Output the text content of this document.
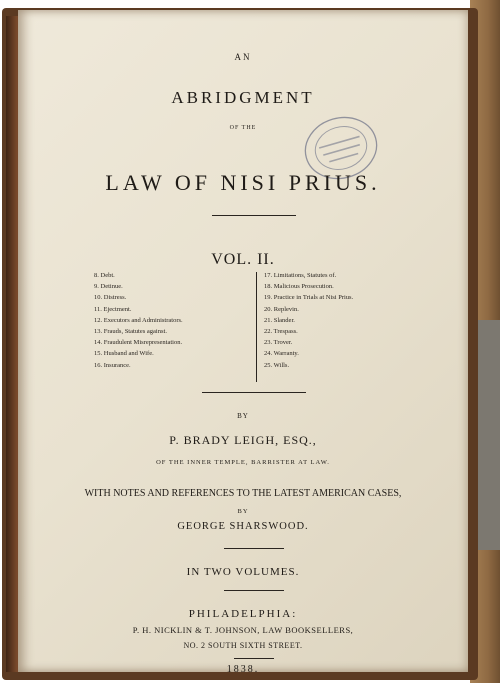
AN
ABRIDGMENT
OF THE
LAW OF NISI PRIUS.
VOL. II.
8. Debt.
9. Detinue.
10. Distress.
11. Ejectment.
12. Executors and Administrators.
13. Frauds, Statutes against.
14. Fraudulent Misrepresentation.
15. Husband and Wife.
16. Insurance.
17. Limitations, Statutes of.
18. Malicious Prosecution.
19. Practice in Trials at Nisi Prius.
20. Replevin.
21. Slander.
22. Trespass.
23. Trover.
24. Warranty.
25. Wills.
BY
P. BRADY LEIGH, ESQ.,
OF THE INNER TEMPLE, BARRISTER AT LAW.
WITH NOTES AND REFERENCES TO THE LATEST AMERICAN CASES,
BY
GEORGE SHARSWOOD.
IN TWO VOLUMES.
PHILADELPHIA:
P. H. NICKLIN & T. JOHNSON, LAW BOOKSELLERS,
NO. 2 SOUTH SIXTH STREET.
1838.
